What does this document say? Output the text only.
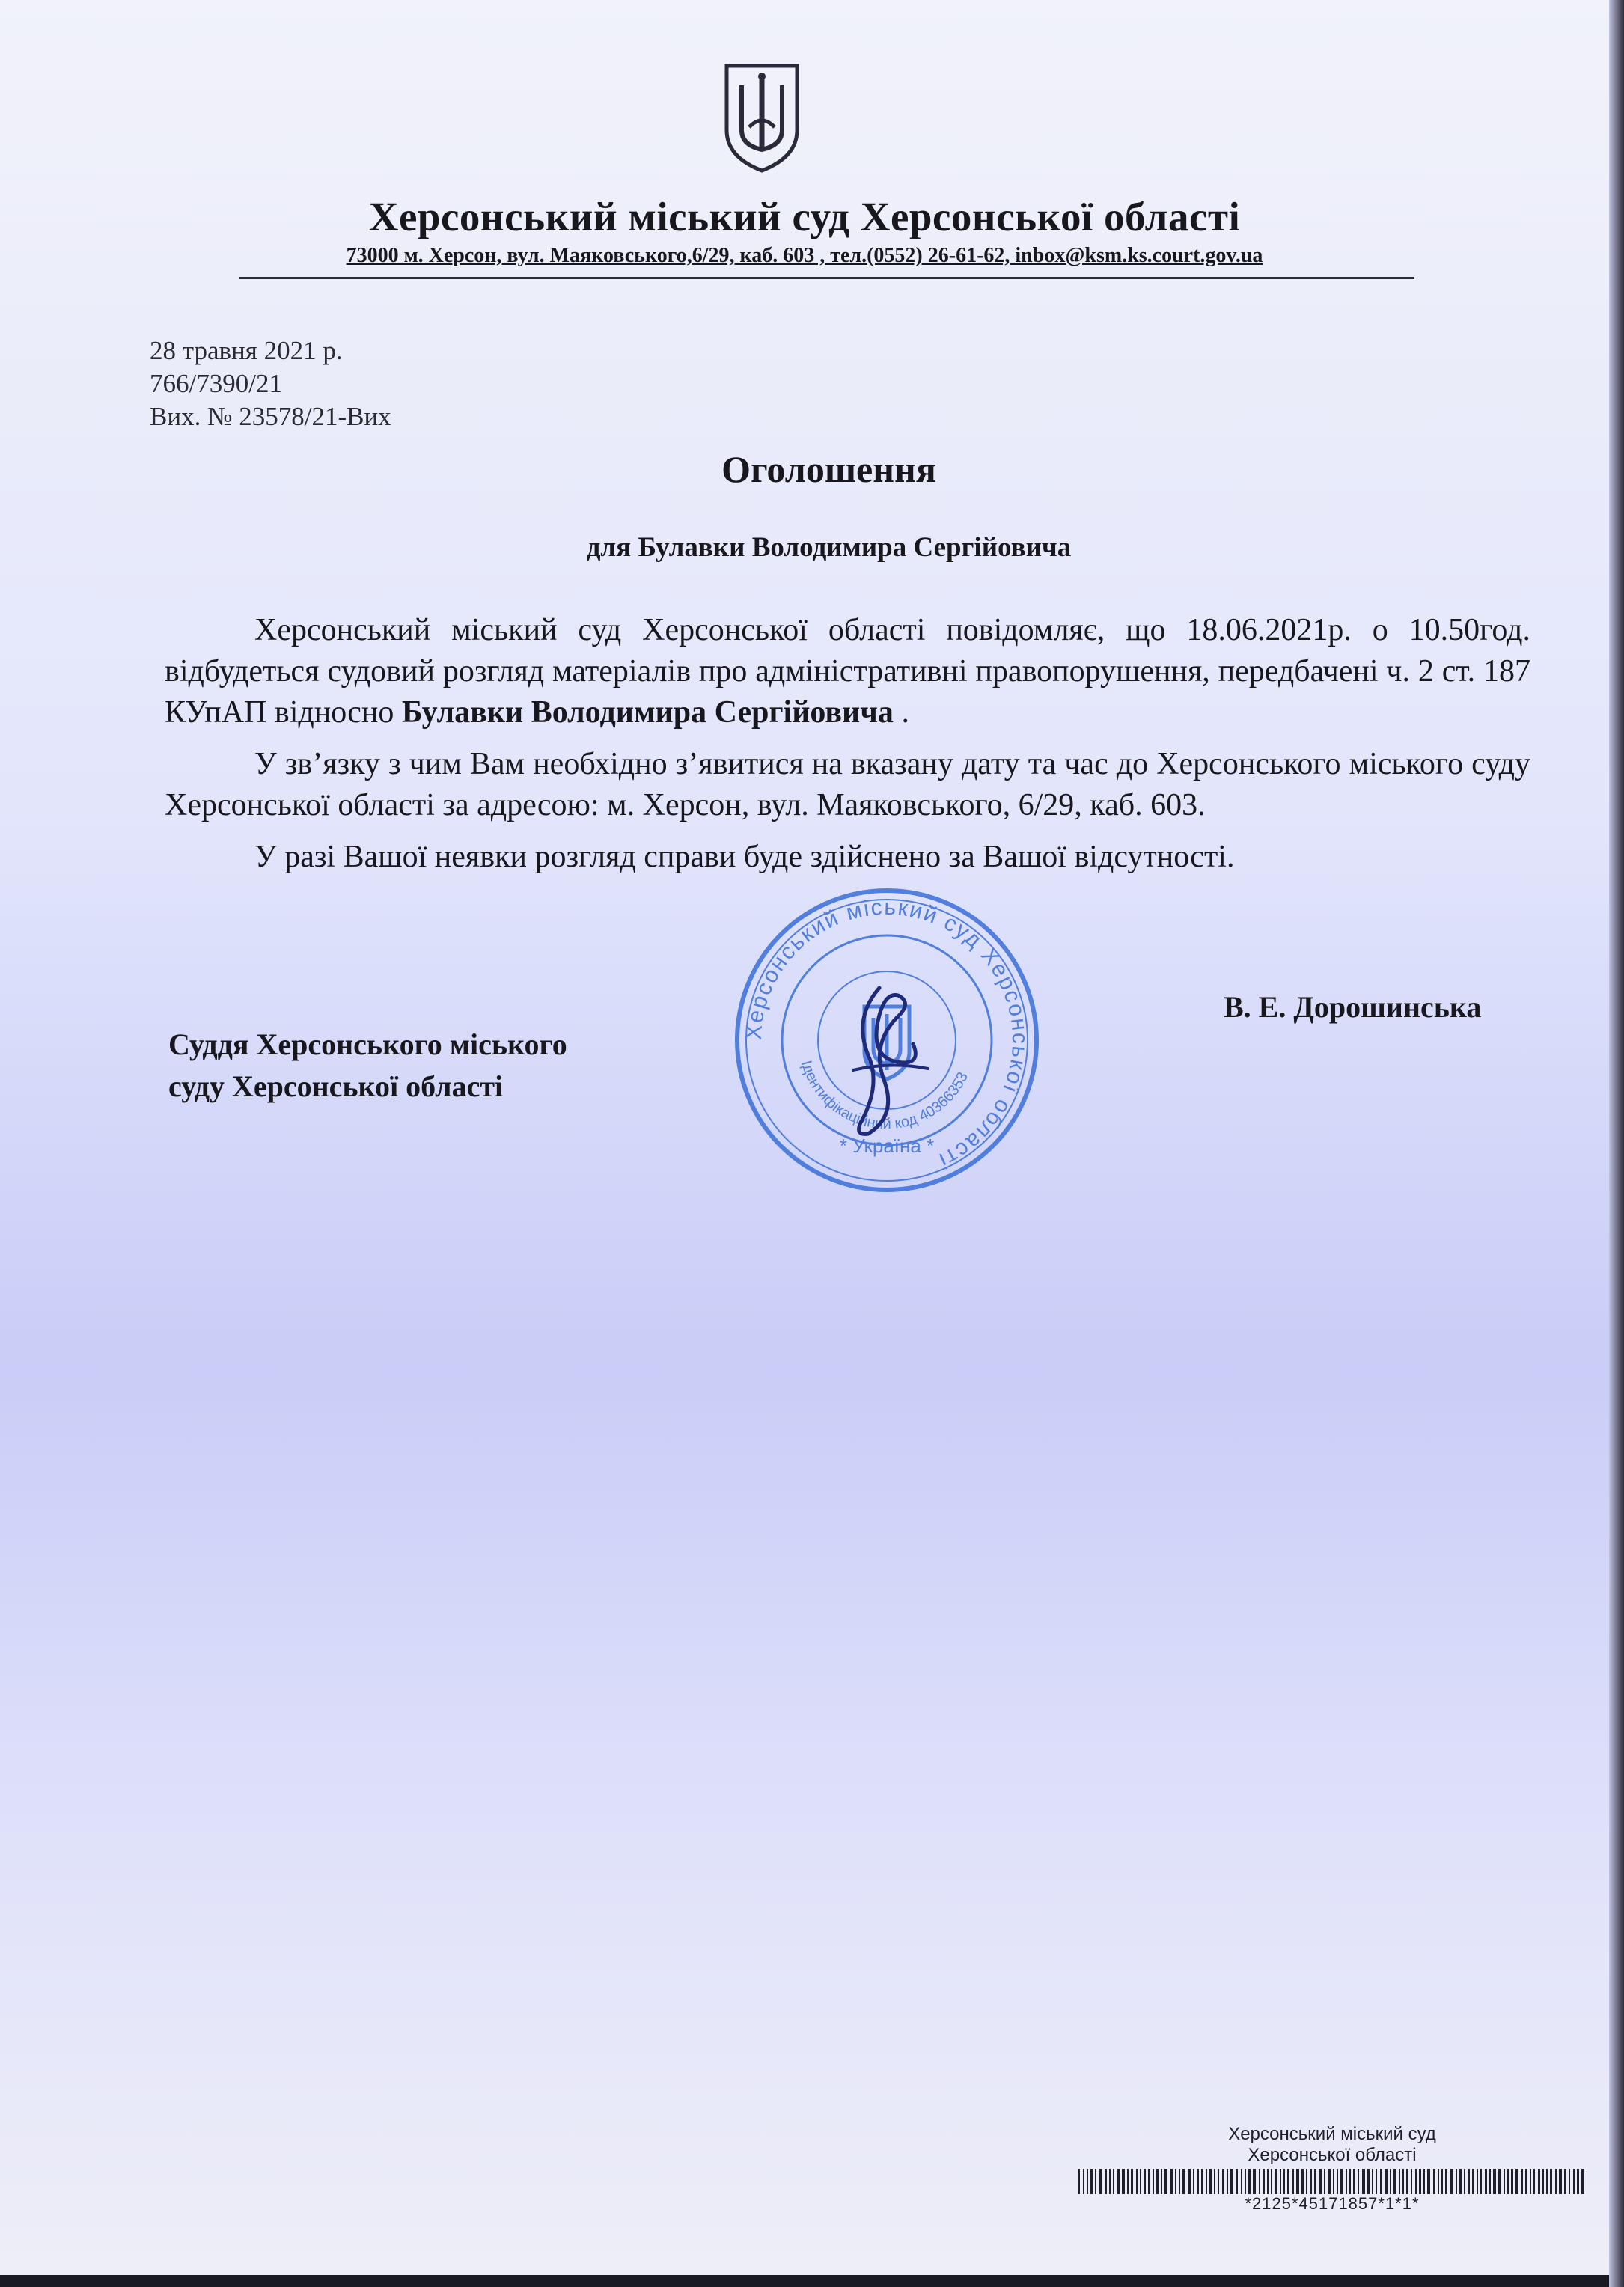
Херсонський міський суд Херсонської області
73000 м. Херсон, вул. Маяковського,6/29, каб. 603 , тел.(0552) 26-61-62, inbox@ksm.ks.court.gov.ua
28 травня 2021 р.
766/7390/21
Вих. № 23578/21-Вих
Оголошення
для Булавки Володимира Сергійовича

Херсонський міський суд Херсонської області повідомляє, що 18.06.2021р. о 10.50год. відбудеться судовий розгляд матеріалів про адміністративні правопорушення, передбачені ч. 2 ст. 187 КУпАП відносно Булавки Володимира Сергійовича .

У зв’язку з чим Вам необхідно з’явитися на вказану дату та час до Херсонського міського суду Херсонської області за адресою: м. Херсон, вул. Маяковського, 6/29, каб. 603.

У разі Вашої неявки розгляд справи буде здійснено за Вашої відсутності.

В. Е. Дорошинська
Суддя Херсонського міського
суду Херсонської області
Херсонський міський суд Херсонської області
Ідентифікаційний код 40366353
* Україна *
Херсонський міський суд
Херсонської області
*2125*45171857*1*1*
